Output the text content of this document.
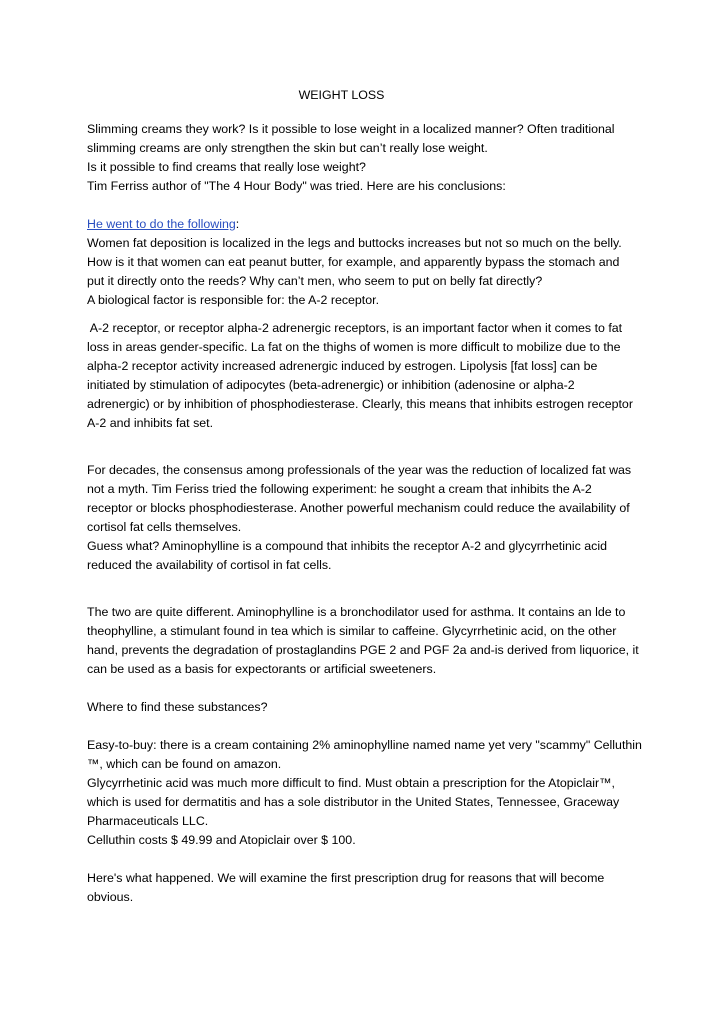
WEIGHT LOSS
Slimming creams they work? Is it possible to lose weight in a localized manner? Often traditional
slimming creams are only strengthen the skin but can’t really lose weight.
Is it possible to find creams that really lose weight?
Tim Ferriss author of "The 4 Hour Body" was tried. Here are his conclusions:
He went to do the following:
Women fat deposition is localized in the legs and buttocks increases but not so much on the belly.
How is it that women can eat peanut butter, for example, and apparently bypass the stomach and
put it directly onto the reeds? Why can’t men, who seem to put on belly fat directly?
A biological factor is responsible for: the A-2 receptor.
A-2 receptor, or receptor alpha-2 adrenergic receptors, is an important factor when it comes to fat
loss in areas gender-specific. La fat on the thighs of women is more difficult to mobilize due to the
alpha-2 receptor activity increased adrenergic induced by estrogen. Lipolysis [fat loss] can be
initiated by stimulation of adipocytes (beta-adrenergic) or inhibition (adenosine or alpha-2
adrenergic) or by inhibition of phosphodiesterase. Clearly, this means that inhibits estrogen receptor
A-2 and inhibits fat set.
For decades, the consensus among professionals of the year was the reduction of localized fat was
not a myth. Tim Feriss tried the following experiment: he sought a cream that inhibits the A-2
receptor or blocks phosphodiesterase. Another powerful mechanism could reduce the availability of
cortisol fat cells themselves.
Guess what? Aminophylline is a compound that inhibits the receptor A-2 and glycyrrhetinic acid
reduced the availability of cortisol in fat cells.
The two are quite different. Aminophylline is a bronchodilator used for asthma. It contains an lde to
theophylline, a stimulant found in tea which is similar to caffeine. Glycyrrhetinic acid, on the other
hand, prevents the degradation of prostaglandins PGE 2 and PGF 2a and-is derived from liquorice, it
can be used as a basis for expectorants or artificial sweeteners.
Where to find these substances?
Easy-to-buy: there is a cream containing 2% aminophylline named name yet very "scammy" Celluthin
™, which can be found on amazon.
Glycyrrhetinic acid was much more difficult to find. Must obtain a prescription for the Atopiclair™,
which is used for dermatitis and has a sole distributor in the United States, Tennessee, Graceway
Pharmaceuticals LLC.
Celluthin costs $ 49.99 and Atopiclair over $ 100.
Here's what happened. We will examine the first prescription drug for reasons that will become
obvious.
